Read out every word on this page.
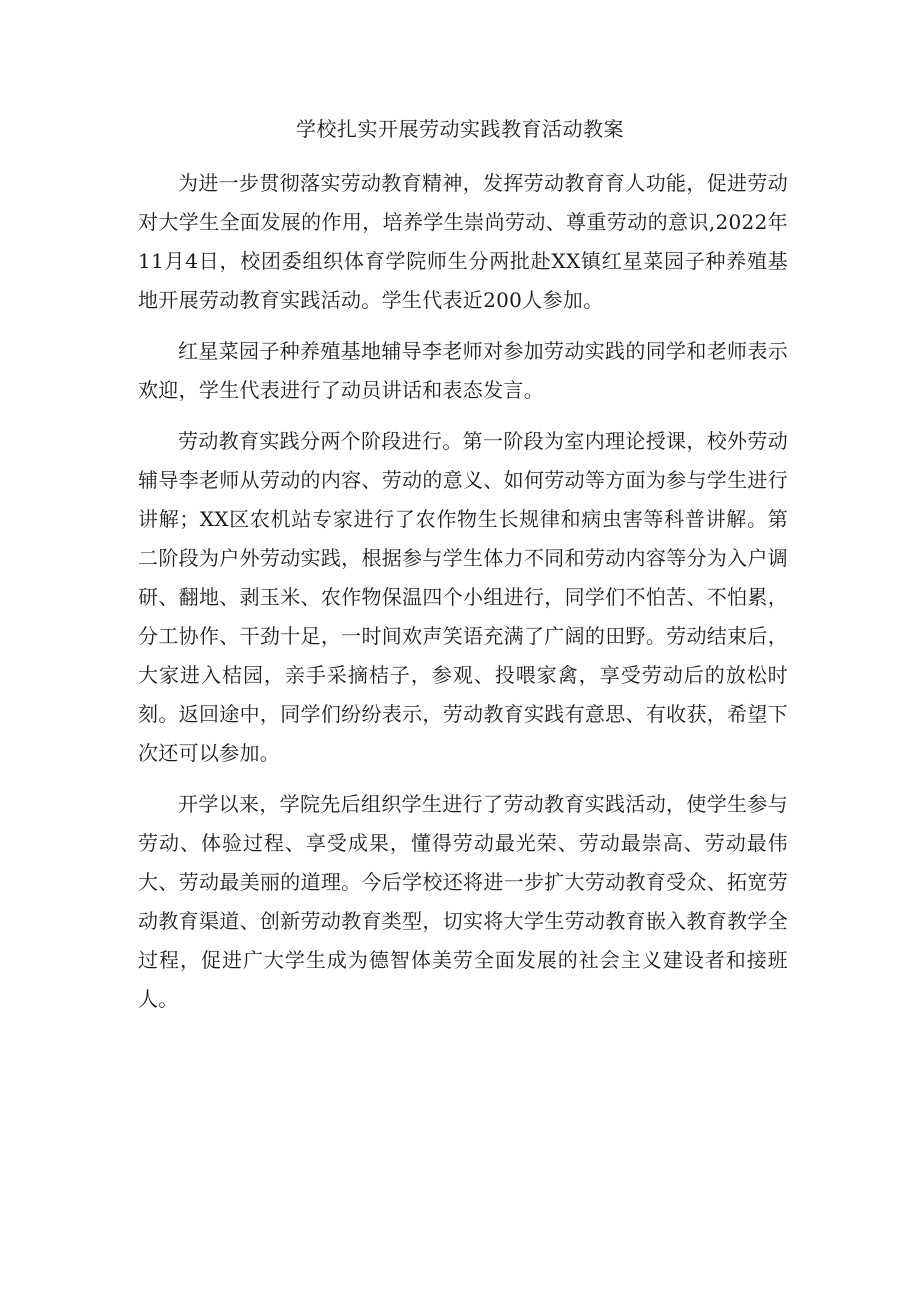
学校扎实开展劳动实践教育活动教案

为进一步贯彻落实劳动教育精神，发挥劳动教育育人功能，促进劳动对大学生全面发展的作用，培养学生崇尚劳动、尊重劳动的意识,2022年11月4日，校团委组织体育学院师生分两批赴XX镇红星菜园子种养殖基地开展劳动教育实践活动。学生代表近200人参加。

红星菜园子种养殖基地辅导李老师对参加劳动实践的同学和老师表示欢迎，学生代表进行了动员讲话和表态发言。

劳动教育实践分两个阶段进行。第一阶段为室内理论授课，校外劳动辅导李老师从劳动的内容、劳动的意义、如何劳动等方面为参与学生进行讲解；XX区农机站专家进行了农作物生长规律和病虫害等科普讲解。第二阶段为户外劳动实践，根据参与学生体力不同和劳动内容等分为入户调研、翻地、剥玉米、农作物保温四个小组进行，同学们不怕苦、不怕累，分工协作、干劲十足，一时间欢声笑语充满了广阔的田野。劳动结束后，大家进入桔园，亲手采摘桔子，参观、投喂家禽，享受劳动后的放松时刻。返回途中，同学们纷纷表示，劳动教育实践有意思、有收获，希望下次还可以参加。

开学以来，学院先后组织学生进行了劳动教育实践活动，使学生参与劳动、体验过程、享受成果，懂得劳动最光荣、劳动最崇高、劳动最伟大、劳动最美丽的道理。今后学校还将进一步扩大劳动教育受众、拓宽劳动教育渠道、创新劳动教育类型，切实将大学生劳动教育嵌入教育教学全过程，促进广大学生成为德智体美劳全面发展的社会主义建设者和接班人。
